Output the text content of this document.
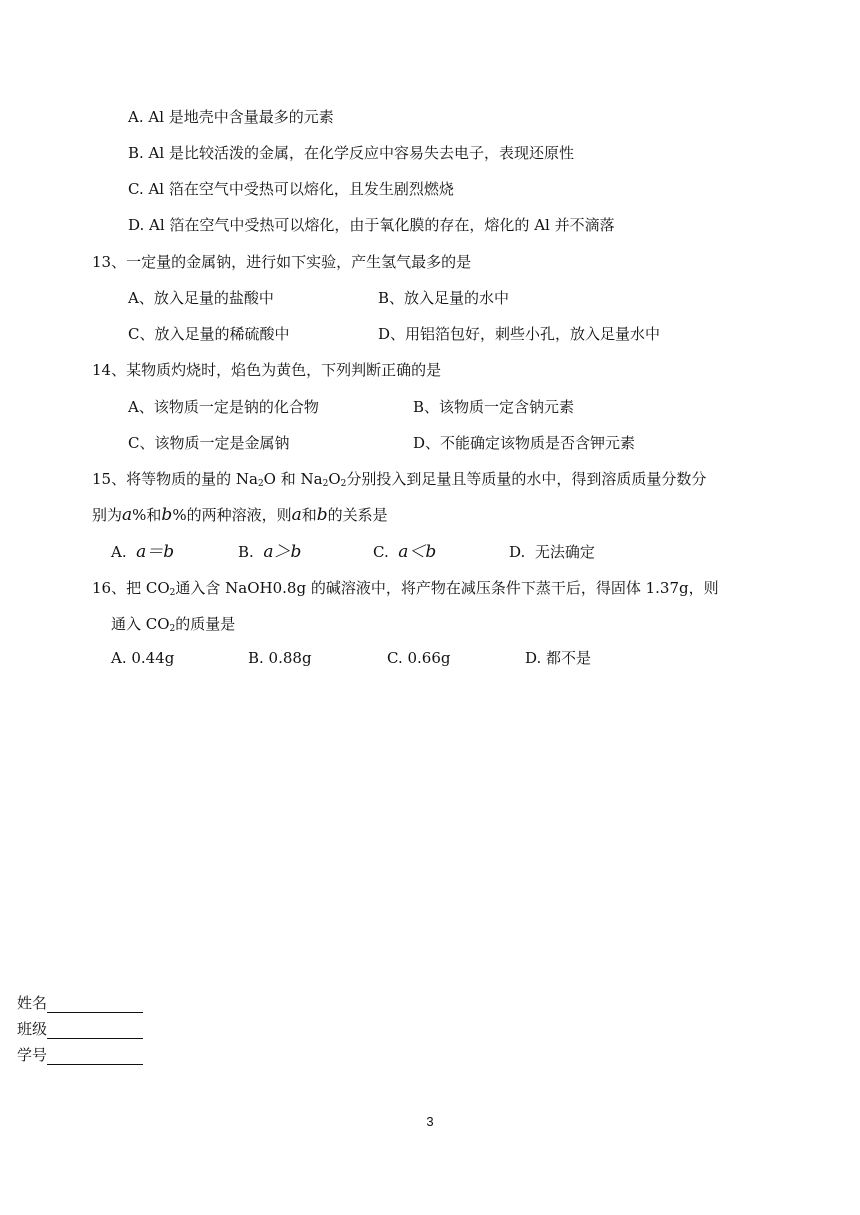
A. Al 是地壳中含量最多的元素
B. Al 是比较活泼的金属，在化学反应中容易失去电子，表现还原性
C. Al 箔在空气中受热可以熔化，且发生剧烈燃烧
D. Al 箔在空气中受热可以熔化，由于氧化膜的存在，熔化的 Al 并不滴落
13、一定量的金属钠，进行如下实验，产生氢气最多的是
A、放入足量的盐酸中	B、放入足量的水中
C、放入足量的稀硫酸中	D、用铝箔包好，刺些小孔，放入足量水中
14、某物质灼烧时，焰色为黄色，下列判断正确的是
A、该物质一定是钠的化合物	B、该物质一定含钠元素
C、该物质一定是金属钠	D、不能确定该物质是否含钾元素
15、将等物质的量的 $Na_2O$ 和 $Na_2O_2$分别投入到足量且等质量的水中，得到溶质质量分数分
别为a%和b%的两种溶液，则a和b的关系是
A. a＝b	B. a＞b	C. a＜b	D. 无法确定
16、把 $CO_2$通入含 NaOH0.8g 的碱溶液中，将产物在减压条件下蒸干后，得固体 1.37g，则
通入 $CO_2$的质量是
A. 0.44g	B. 0.88g	C. 0.66g	D. 都不是
姓名
班级
学号
3
